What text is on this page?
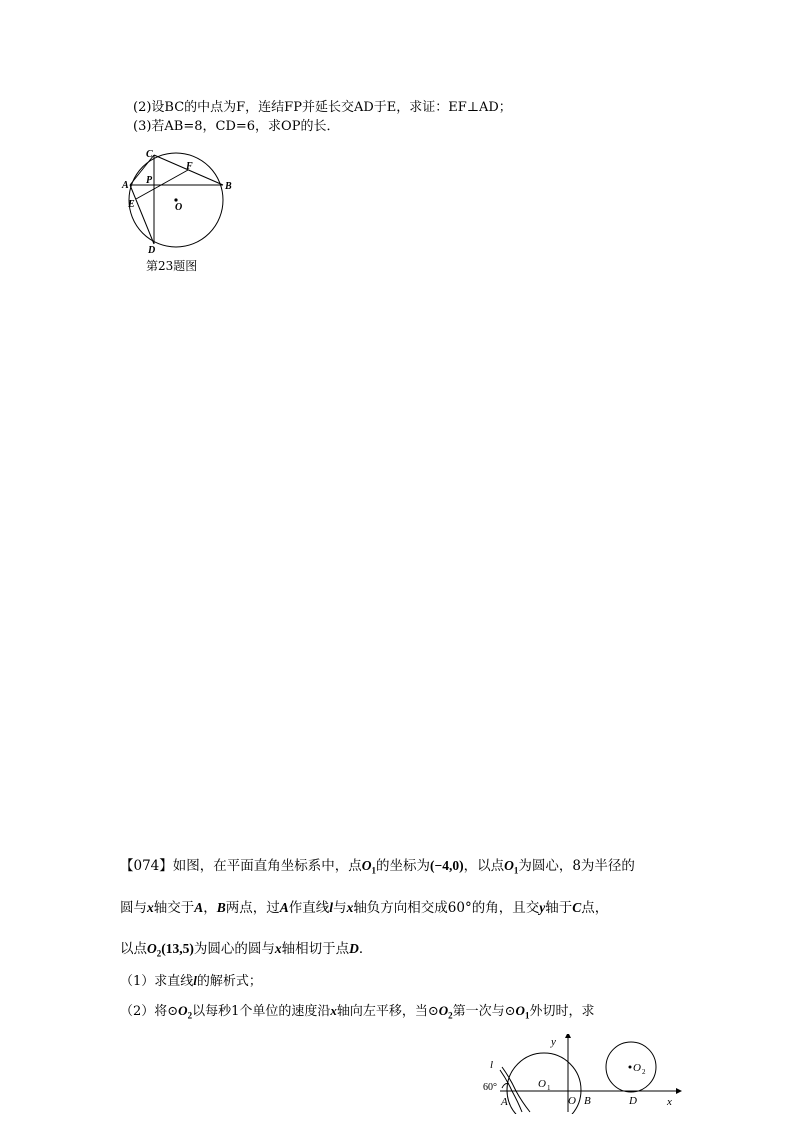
(2)设BC的中点为F，连结FP并延长交AD于E，求证：EF⊥AD；
(3)若AB=8，CD=6，求OP的长．
C
F
A P
B
E	O
D
第23题图
【074】如图，在平面直角坐标系中，点$O_1$的坐标为(−4,0)，以点$O_1$为圆心，8为半径的
圆与x轴交于A，B两点，过A作直线l与x轴负方向相交成60°的角，且交y轴于C点，
以点$O_2(13,5)$为圆心的圆与x轴相切于点D．
（1）求直线l的解析式；
（2）将$⊙O_2$以每秒1个单位的速度沿x轴向左平移，当$⊙O_2$第一次与$⊙O_1$外切时，求
l
y
60°	O 1
O 2
A	O B	D	x
